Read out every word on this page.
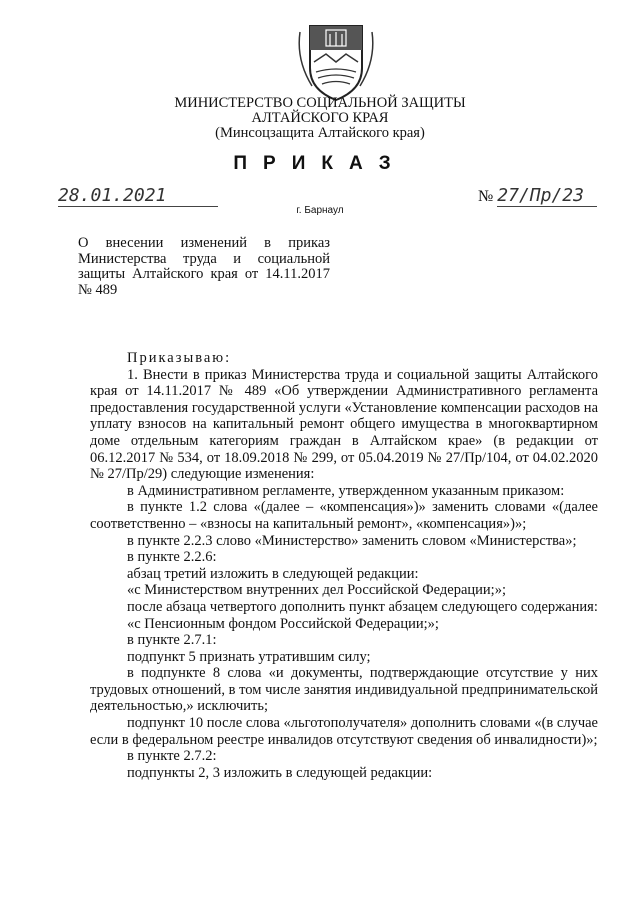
МИНИСТЕРСТВО СОЦИАЛЬНОЙ ЗАЩИТЫ
АЛТАЙСКОГО КРАЯ
(Минсоцзащита Алтайского края)
ПРИКАЗ
28.01.2021	№ 27/Пр/23
г. Барнаул
О внесении изменений в приказ Министерства труда и социальной защиты Алтайского края от 14.11.2017 № 489

Приказываю:

1. Внести в приказ Министерства труда и социальной защиты Алтайского края от 14.11.2017 № 489 «Об утверждении Административного регламента предоставления государственной услуги «Установление компенсации расходов на уплату взносов на капитальный ремонт общего имущества в многоквартирном доме отдельным категориям граждан в Алтайском крае» (в редакции от 06.12.2017 № 534, от 18.09.2018 № 299, от 05.04.2019 № 27/Пр/104, от 04.02.2020 № 27/Пр/29) следующие изменения:

в Административном регламенте, утвержденном указанным приказом:

в пункте 1.2 слова «(далее – «компенсация»)» заменить словами «(далее соответственно – «взносы на капитальный ремонт», «компенсация»)»;

в пункте 2.2.3 слово «Министерство» заменить словом «Министерства»;

в пункте 2.2.6:

абзац третий изложить в следующей редакции:

«с Министерством внутренних дел Российской Федерации;»;

после абзаца четвертого дополнить пункт абзацем следующего содержания:

«с Пенсионным фондом Российской Федерации;»;

в пункте 2.7.1:

подпункт 5 признать утратившим силу;

в подпункте 8 слова «и документы, подтверждающие отсутствие у них трудовых отношений, в том числе занятия индивидуальной предпринимательской деятельностью,» исключить;

подпункт 10 после слова «льготополучателя» дополнить словами «(в случае если в федеральном реестре инвалидов отсутствуют сведения об инвалидности)»;

в пункте 2.7.2:

подпункты 2, 3 изложить в следующей редакции:
